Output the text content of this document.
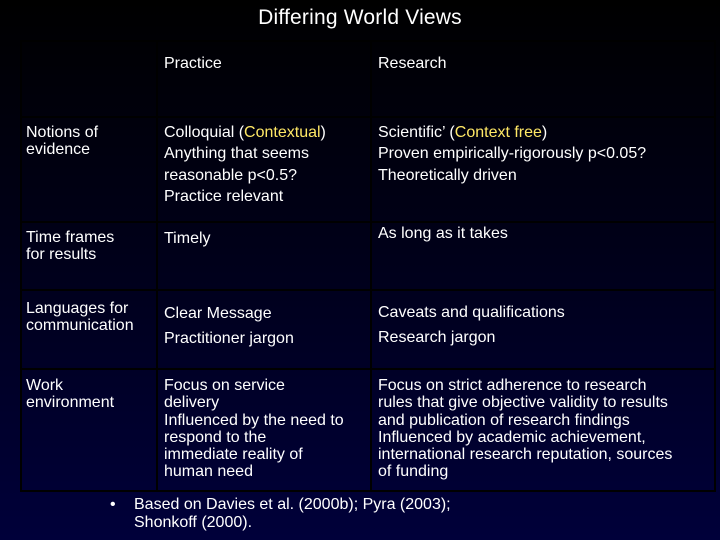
Differing World Views
Practice	Research
Notions of evidence
Colloquial (Contextual)
Anything that seems
reasonable p<0.5?
Practice relevant
Scientific’ (Context free)
Proven empirically-rigorously p<0.05?
Theoretically driven
Time frames for results
Timely	As long as it takes
Languages for communication
Clear Message
Practitioner jargon
Caveats and qualifications
Research jargon
Work environment
Focus on service
delivery
Influenced by the need to
respond to the
immediate reality of
human need
Focus on strict adherence to research
rules that give objective validity to results
and publication of research findings
Influenced by academic achievement,
international research reputation, sources
of funding
• Based on Davies et al. (2000b); Pyra (2003); Shonkoff (2000).
